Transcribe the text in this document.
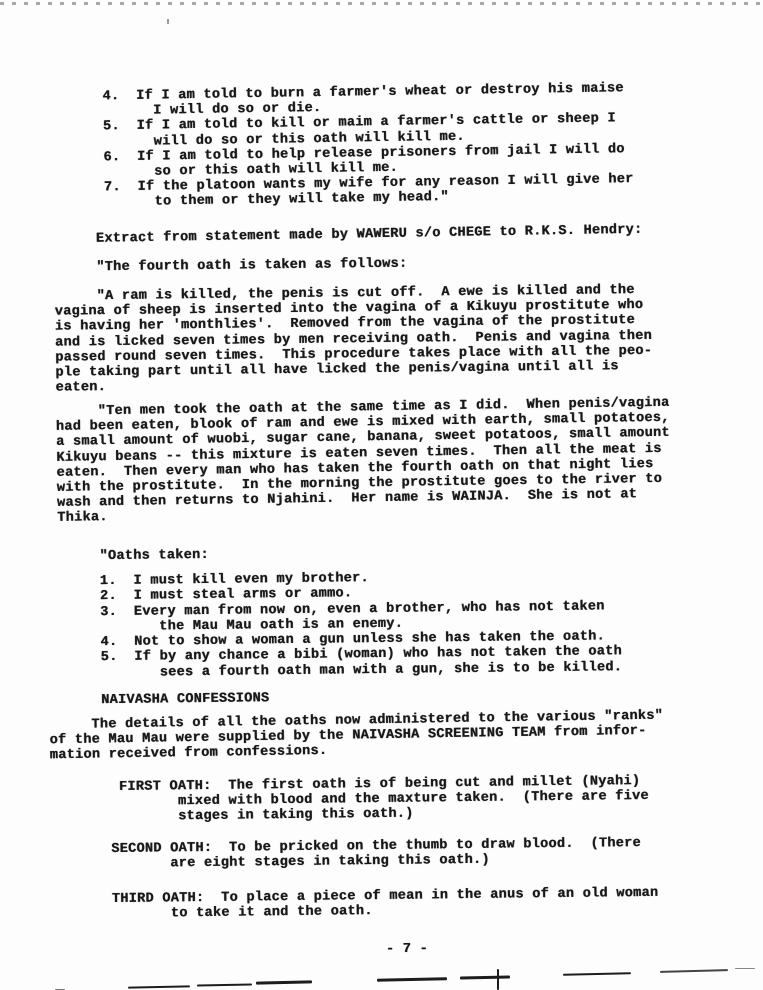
4.  If I am told to burn a farmer's wheat or destroy his maise
I will do so or die.
5.  If I am told to kill or maim a farmer's cattle or sheep I
will do so or this oath will kill me.
6.  If I am told to help release prisoners from jail I will do
so or this oath will kill me.
7.  If the platoon wants my wife for any reason I will give her
to them or they will take my head."
Extract from statement made by WAWERU s/o CHEGE to R.K.S. Hendry:
"The fourth oath is taken as follows:
"A ram is killed, the penis is cut off.  A ewe is killed and the
vagina of sheep is inserted into the vagina of a Kikuyu prostitute who
is having her 'monthlies'.  Removed from the vagina of the prostitute
and is licked seven times by men receiving oath.  Penis and vagina then
passed round seven times.  This procedure takes place with all the peo-
ple taking part until all have licked the penis/vagina until all is
eaten.
"Ten men took the oath at the same time as I did.  When penis/vagina
had been eaten, blook of ram and ewe is mixed with earth, small potatoes,
a small amount of wuobi, sugar cane, banana, sweet potatoos, small amount
Kikuyu beans -- this mixture is eaten seven times.  Then all the meat is
eaten.  Then every man who has taken the fourth oath on that night lies
with the prostitute.  In the morning the prostitute goes to the river to
wash and then returns to Njahini.  Her name is WAINJA.  She is not at
Thika.
"Oaths taken:
1.  I must kill even my brother.
2.  I must steal arms or ammo.
3.  Every man from now on, even a brother, who has not taken
the Mau Mau oath is an enemy.
4.  Not to show a woman a gun unless she has taken the oath.
5.  If by any chance a bibi (woman) who has not taken the oath
sees a fourth oath man with a gun, she is to be killed.
NAIVASHA CONFESSIONS
The details of all the oaths now administered to the various "ranks"
of the Mau Mau were supplied by the NAIVASHA SCREENING TEAM from infor-
mation received from confessions.
FIRST OATH:  The first oath is of being cut and millet (Nyahi)
mixed with blood and the maxture taken.  (There are five
stages in taking this oath.)
SECOND OATH:  To be pricked on the thumb to draw blood.  (There
are eight stages in taking this oath.)
THIRD OATH:  To place a piece of mean in the anus of an old woman
to take it and the oath.
- 7 -
